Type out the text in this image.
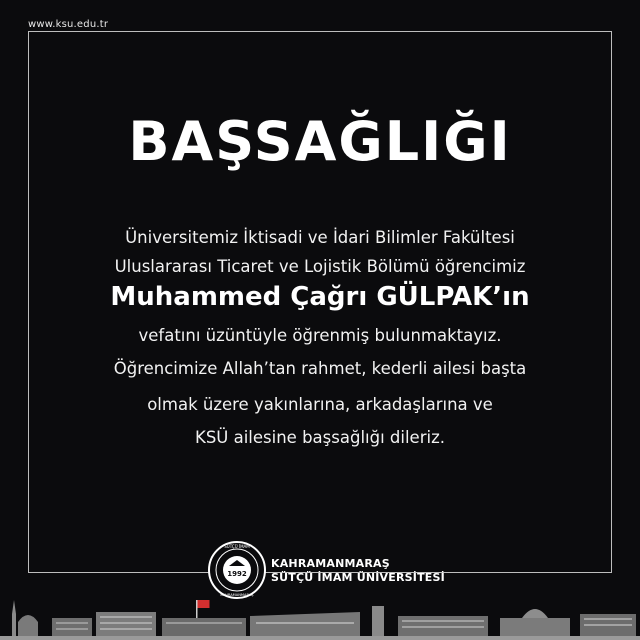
www.ksu.edu.tr
BAŞSAĞLIĞI
Üniversitemiz İktisadi ve İdari Bilimler Fakültesi
Uluslararası Ticaret ve Lojistik Bölümü öğrencimiz
Muhammed Çağrı GÜLPAK’ın
vefatını üzüntüyle öğrenmiş bulunmaktayız.
Öğrencimize Allah’tan rahmet, kederli ailesi başta
olmak üzere yakınlarına, arkadaşlarına ve
KSÜ ailesine başsağlığı dileriz.
1992
SÜTÇÜ İMAM
KAHRAMANMARAŞ
KAHRAMANMARAŞ
SÜTÇÜ İMAM ÜNİVERSİTESİ
